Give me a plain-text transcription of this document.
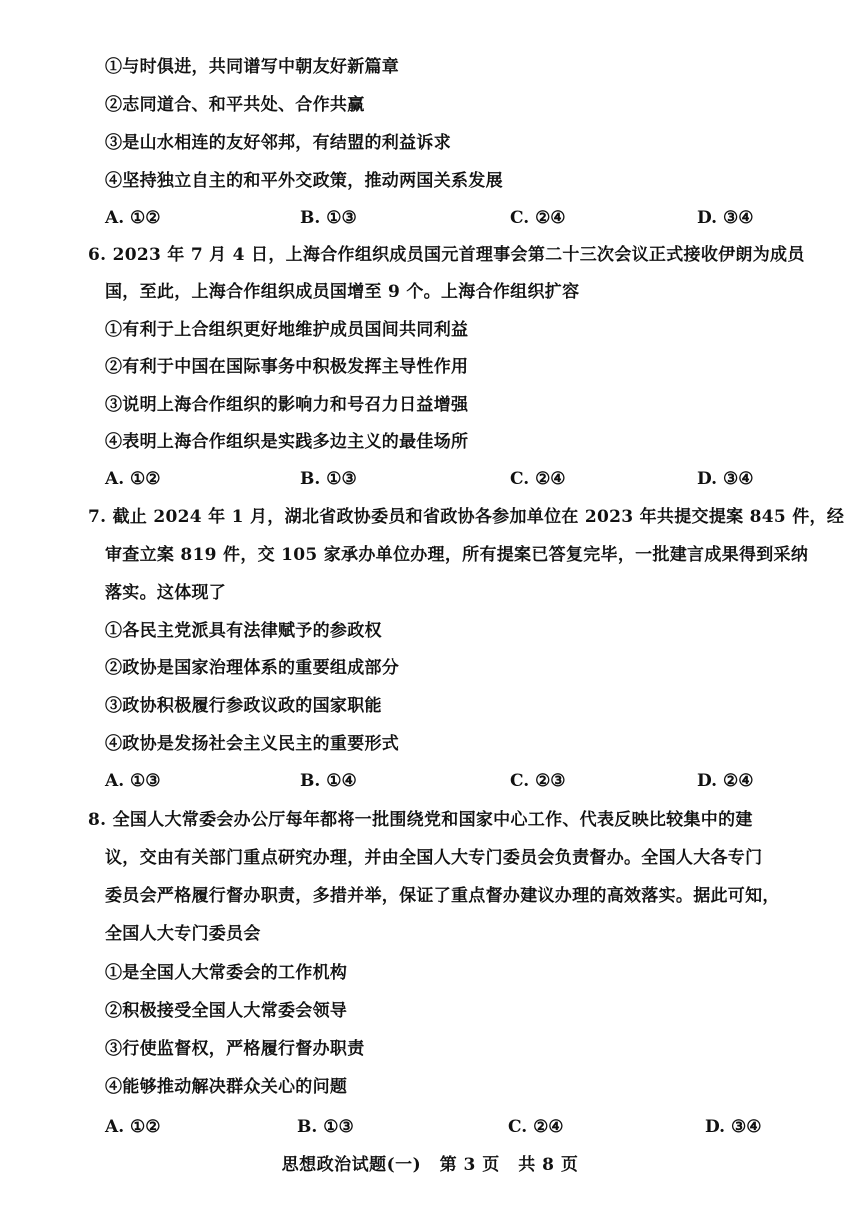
①与时俱进，共同谱写中朝友好新篇章
②志同道合、和平共处、合作共赢
③是山水相连的友好邻邦，有结盟的利益诉求
④坚持独立自主的和平外交政策，推动两国关系发展
A. ①②	B. ①③	C. ②④	D. ③④
6. 2023 年 7 月 4 日，上海合作组织成员国元首理事会第二十三次会议正式接收伊朗为成员
国，至此，上海合作组织成员国增至 9 个。上海合作组织扩容
①有利于上合组织更好地维护成员国间共同利益
②有利于中国在国际事务中积极发挥主导性作用
③说明上海合作组织的影响力和号召力日益增强
④表明上海合作组织是实践多边主义的最佳场所
A. ①②	B. ①③	C. ②④	D. ③④
7. 截止 2024 年 1 月，湖北省政协委员和省政协各参加单位在 2023 年共提交提案 845 件，经
审查立案 819 件，交 105 家承办单位办理，所有提案已答复完毕，一批建言成果得到采纳
落实。这体现了
①各民主党派具有法律赋予的参政权
②政协是国家治理体系的重要组成部分
③政协积极履行参政议政的国家职能
④政协是发扬社会主义民主的重要形式
A. ①③	B. ①④	C. ②③	D. ②④
8. 全国人大常委会办公厅每年都将一批围绕党和国家中心工作、代表反映比较集中的建
议，交由有关部门重点研究办理，并由全国人大专门委员会负责督办。全国人大各专门
委员会严格履行督办职责，多措并举，保证了重点督办建议办理的高效落实。据此可知，
全国人大专门委员会
①是全国人大常委会的工作机构
②积极接受全国人大常委会领导
③行使监督权，严格履行督办职责
④能够推动解决群众关心的问题
A. ①②	B. ①③	C. ②④	D. ③④
思想政治试题(一) 第 3 页 共 8 页
